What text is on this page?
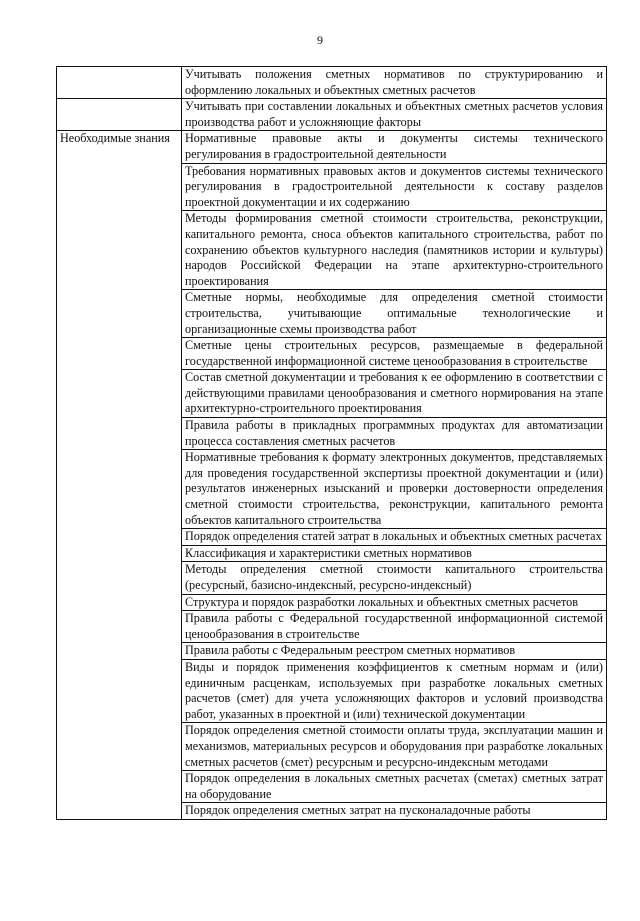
9
	Учитывать положения сметных нормативов по структурированию и оформлению локальных и объектных сметных расчетов
	Учитывать при составлении локальных и объектных сметных расчетов условия производства работ и усложняющие факторы
Необходимые знания	Нормативные правовые акты и документы системы технического регулирования в градостроительной деятельности
	Требования нормативных правовых актов и документов системы технического регулирования в градостроительной деятельности к составу разделов проектной документации и их содержанию
	Методы формирования сметной стоимости строительства, реконструкции, капитального ремонта, сноса объектов капитального строительства, работ по сохранению объектов культурного наследия (памятников истории и культуры) народов Российской Федерации на этапе архитектурно-строительного проектирования
	Сметные нормы, необходимые для определения сметной стоимости строительства, учитывающие оптимальные технологические и организационные схемы производства работ
	Сметные цены строительных ресурсов, размещаемые в федеральной государственной информационной системе ценообразования в строительстве
	Состав сметной документации и требования к ее оформлению в соответствии с действующими правилами ценообразования и сметного нормирования на этапе архитектурно-строительного проектирования
	Правила работы в прикладных программных продуктах для автоматизации процесса составления сметных расчетов
	Нормативные требования к формату электронных документов, представляемых для проведения государственной экспертизы проектной документации и (или) результатов инженерных изысканий и проверки достоверности определения сметной стоимости строительства, реконструкции, капитального ремонта объектов капитального строительства
	Порядок определения статей затрат в локальных и объектных сметных расчетах
	Классификация и характеристики сметных нормативов
	Методы определения сметной стоимости капитального строительства (ресурсный, базисно-индексный, ресурсно-индексный)
	Структура и порядок разработки локальных и объектных сметных расчетов
	Правила работы с Федеральной государственной информационной системой ценообразования в строительстве
	Правила работы с Федеральным реестром сметных нормативов
	Виды и порядок применения коэффициентов к сметным нормам и (или) единичным расценкам, используемых при разработке локальных сметных расчетов (смет) для учета усложняющих факторов и условий производства работ, указанных в проектной и (или) технической документации
	Порядок определения сметной стоимости оплаты труда, эксплуатации машин и механизмов, материальных ресурсов и оборудования при разработке локальных сметных расчетов (смет) ресурсным и ресурсно-индексным методами
	Порядок определения в локальных сметных расчетах (сметах) сметных затрат на оборудование
	Порядок определения сметных затрат на пусконаладочные работы
